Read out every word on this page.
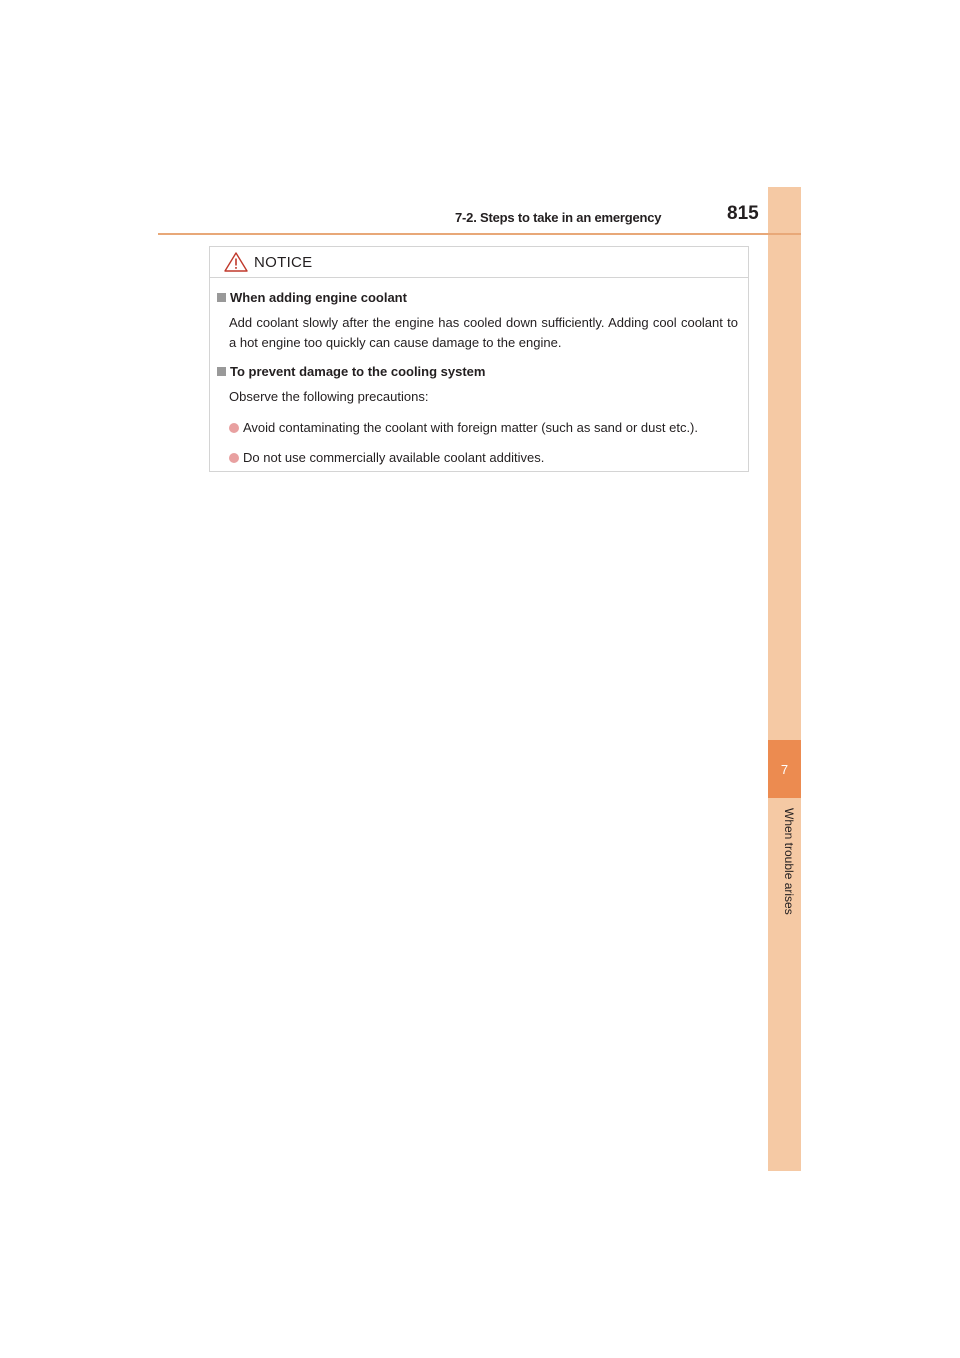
7
When trouble arises
7-2. Steps to take in an emergency	815
NOTICE
When adding engine coolant

Add coolant slowly after the engine has cooled down sufficiently. Adding cool coolant to a hot engine too quickly can cause damage to the engine.

To prevent damage to the cooling system

Observe the following precautions:

Avoid contaminating the coolant with foreign matter (such as sand or dust etc.).
Do not use commercially available coolant additives.
